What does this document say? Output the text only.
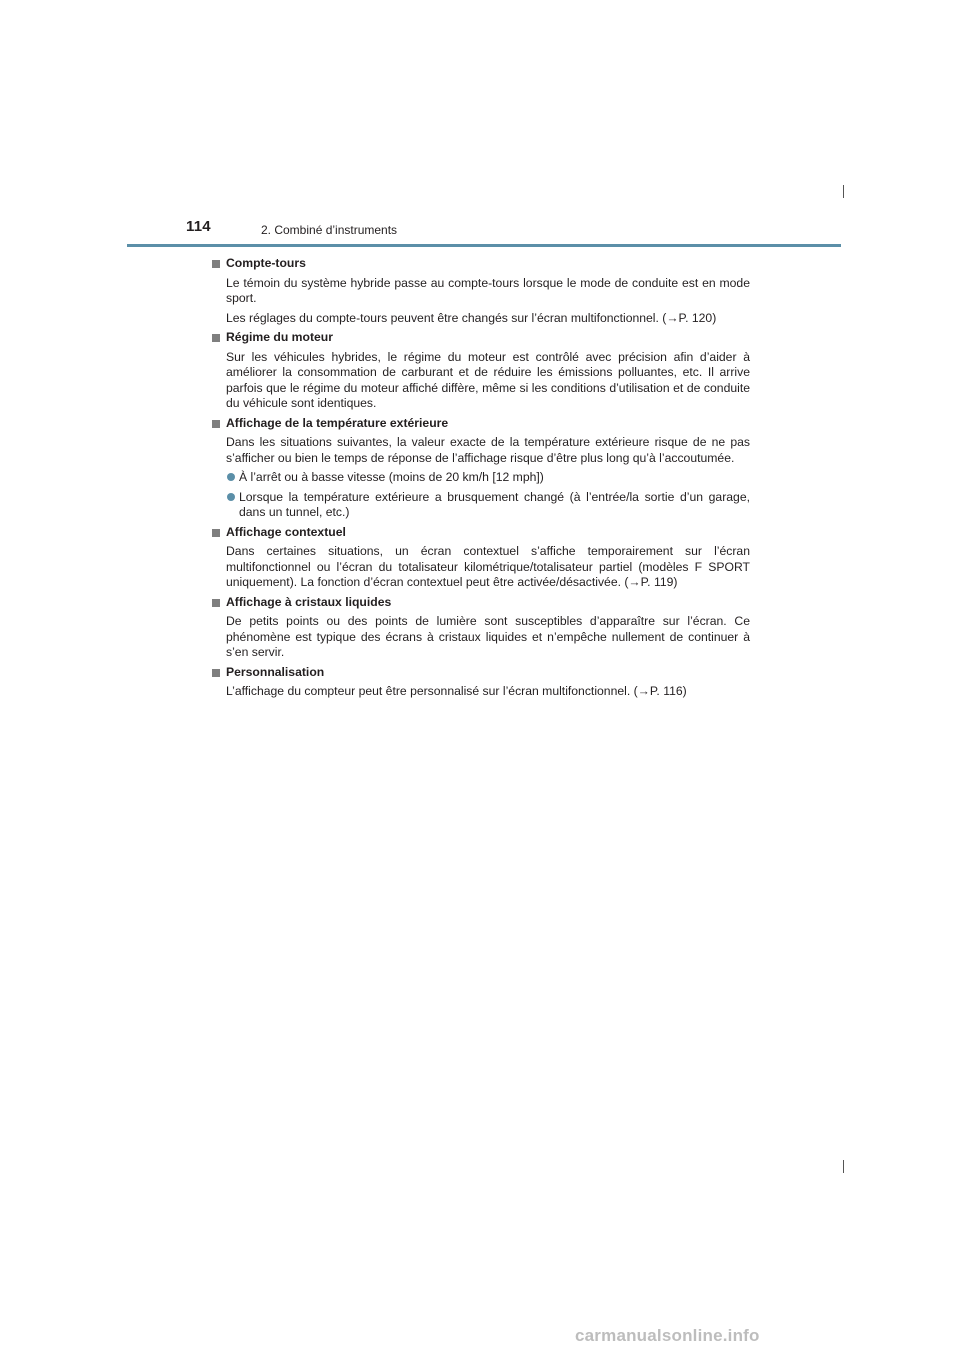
114	2. Combiné d’instruments
Compte-tours
Le témoin du système hybride passe au compte-tours lorsque le mode de conduite est en mode sport.
Les réglages du compte-tours peuvent être changés sur l’écran multifonctionnel. (→P. 120)
Régime du moteur
Sur les véhicules hybrides, le régime du moteur est contrôlé avec précision afin d’aider à améliorer la consommation de carburant et de réduire les émissions polluantes, etc. Il arrive parfois que le régime du moteur affiché diffère, même si les conditions d’utilisation et de conduite du véhicule sont identiques.
Affichage de la température extérieure
Dans les situations suivantes, la valeur exacte de la température extérieure risque de ne pas s’afficher ou bien le temps de réponse de l’affichage risque d’être plus long qu’à l’accoutumée.
À l’arrêt ou à basse vitesse (moins de 20 km/h [12 mph])
Lorsque la température extérieure a brusquement changé (à l’entrée/la sortie d’un garage, dans un tunnel, etc.)
Affichage contextuel
Dans certaines situations, un écran contextuel s’affiche temporairement sur l’écran multifonctionnel ou l’écran du totalisateur kilométrique/totalisateur partiel (modèles F SPORT uniquement). La fonction d’écran contextuel peut être activée/désactivée. (→P. 119)
Affichage à cristaux liquides
De petits points ou des points de lumière sont susceptibles d’apparaître sur l’écran. Ce phénomène est typique des écrans à cristaux liquides et n’empêche nullement de continuer à s’en servir.
Personnalisation
L’affichage du compteur peut être personnalisé sur l’écran multifonctionnel. (→P. 116)
carmanualsonline.info
